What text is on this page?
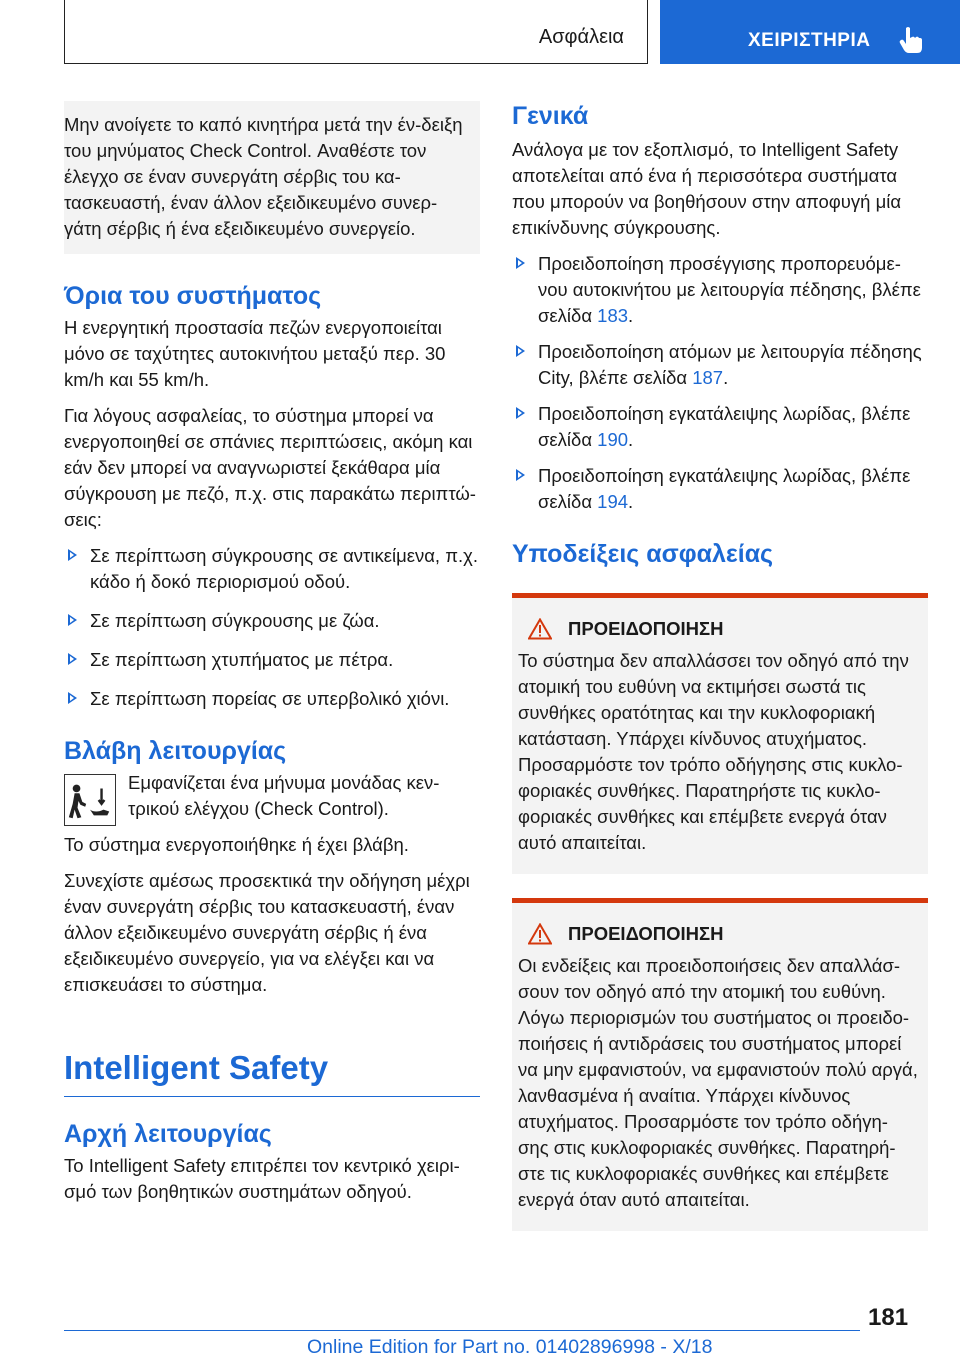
Ασφάλεια	ΧΕΙΡΙΣΤΗΡΙΑ

Μην ανοίγετε το καπό κινητήρα μετά την έν-δειξη του μηνύματος Check Control. Αναθέστε τον έλεγχο σε έναν συνεργάτη σέρβις του κα-τασκευαστή, έναν άλλον εξειδικευμένο συνερ-γάτη σέρβις ή ένα εξειδικευμένο συνεργείο.

Όρια του συστήματος

Η ενεργητική προστασία πεζών ενεργοποιείται μόνο σε ταχύτητες αυτοκινήτου μεταξύ περ. 30 km/h και 55 km/h.

Για λόγους ασφαλείας, το σύστημα μπορεί να ενεργοποιηθεί σε σπάνιες περιπτώσεις, ακόμη και εάν δεν μπορεί να αναγνωριστεί ξεκάθαρα μία σύγκρουση με πεζό, π.χ. στις παρακάτω περιπτώ-σεις:

Σε περίπτωση σύγκρουσης σε αντικείμενα, π.χ. κάδο ή δοκό περιορισμού οδού.
Σε περίπτωση σύγκρουσης με ζώα.
Σε περίπτωση χτυπήματος με πέτρα.
Σε περίπτωση πορείας σε υπερβολικό χιόνι.
Βλάβη λειτουργίας

Εμφανίζεται ένα μήνυμα μονάδας κεν-τρικού ελέγχου (Check Control).

Το σύστημα ενεργοποιήθηκε ή έχει βλάβη.

Συνεχίστε αμέσως προσεκτικά την οδήγηση μέχρι έναν συνεργάτη σέρβις του κατασκευαστή, έναν άλλον εξειδικευμένο συνεργάτη σέρβις ή ένα εξειδικευμένο συνεργείο, για να ελέγξει και να επισκευάσει το σύστημα.

Intelligent Safety
Αρχή λειτουργίας

Το Intelligent Safety επιτρέπει τον κεντρικό χειρι-σμό των βοηθητικών συστημάτων οδηγού.

Γενικά

Ανάλογα με τον εξοπλισμό, το Intelligent Safety αποτελείται από ένα ή περισσότερα συστήματα που μπορούν να βοηθήσουν στην αποφυγή μία επικίνδυνης σύγκρουσης.

Προειδοποίηση προσέγγισης προπορευόμε-νου αυτοκινήτου με λειτουργία πέδησης, βλέπε σελίδα 183.
Προειδοποίηση ατόμων με λειτουργία πέδησης City, βλέπε σελίδα 187.
Προειδοποίηση εγκατάλειψης λωρίδας, βλέπε σελίδα 190.
Προειδοποίηση εγκατάλειψης λωρίδας, βλέπε σελίδα 194.
Υποδείξεις ασφαλείας
ΠΡΟΕΙΔΟΠΟΙΗΣΗ

Το σύστημα δεν απαλλάσσει τον οδηγό από την ατομική του ευθύνη να εκτιμήσει σωστά τις συνθήκες ορατότητας και την κυκλοφοριακή κατάσταση. Υπάρχει κίνδυνος ατυχήματος. Προσαρμόστε τον τρόπο οδήγησης στις κυκλο-φοριακές συνθήκες. Παρατηρήστε τις κυκλο-φοριακές συνθήκες και επέμβετε ενεργά όταν αυτό απαιτείται.

ΠΡΟΕΙΔΟΠΟΙΗΣΗ

Οι ενδείξεις και προειδοποιήσεις δεν απαλλάσ-σουν τον οδηγό από την ατομική του ευθύνη. Λόγω περιορισμών του συστήματος οι προειδο-ποιήσεις ή αντιδράσεις του συστήματος μπορεί να μην εμφανιστούν, να εμφανιστούν πολύ αργά, λανθασμένα ή αναίτια. Υπάρχει κίνδυνος ατυχήματος. Προσαρμόστε τον τρόπο οδήγη-σης στις κυκλοφοριακές συνθήκες. Παρατηρή-στε τις κυκλοφοριακές συνθήκες και επέμβετε ενεργά όταν αυτό απαιτείται.

181
Online Edition for Part no. 01402896998 - X/18
